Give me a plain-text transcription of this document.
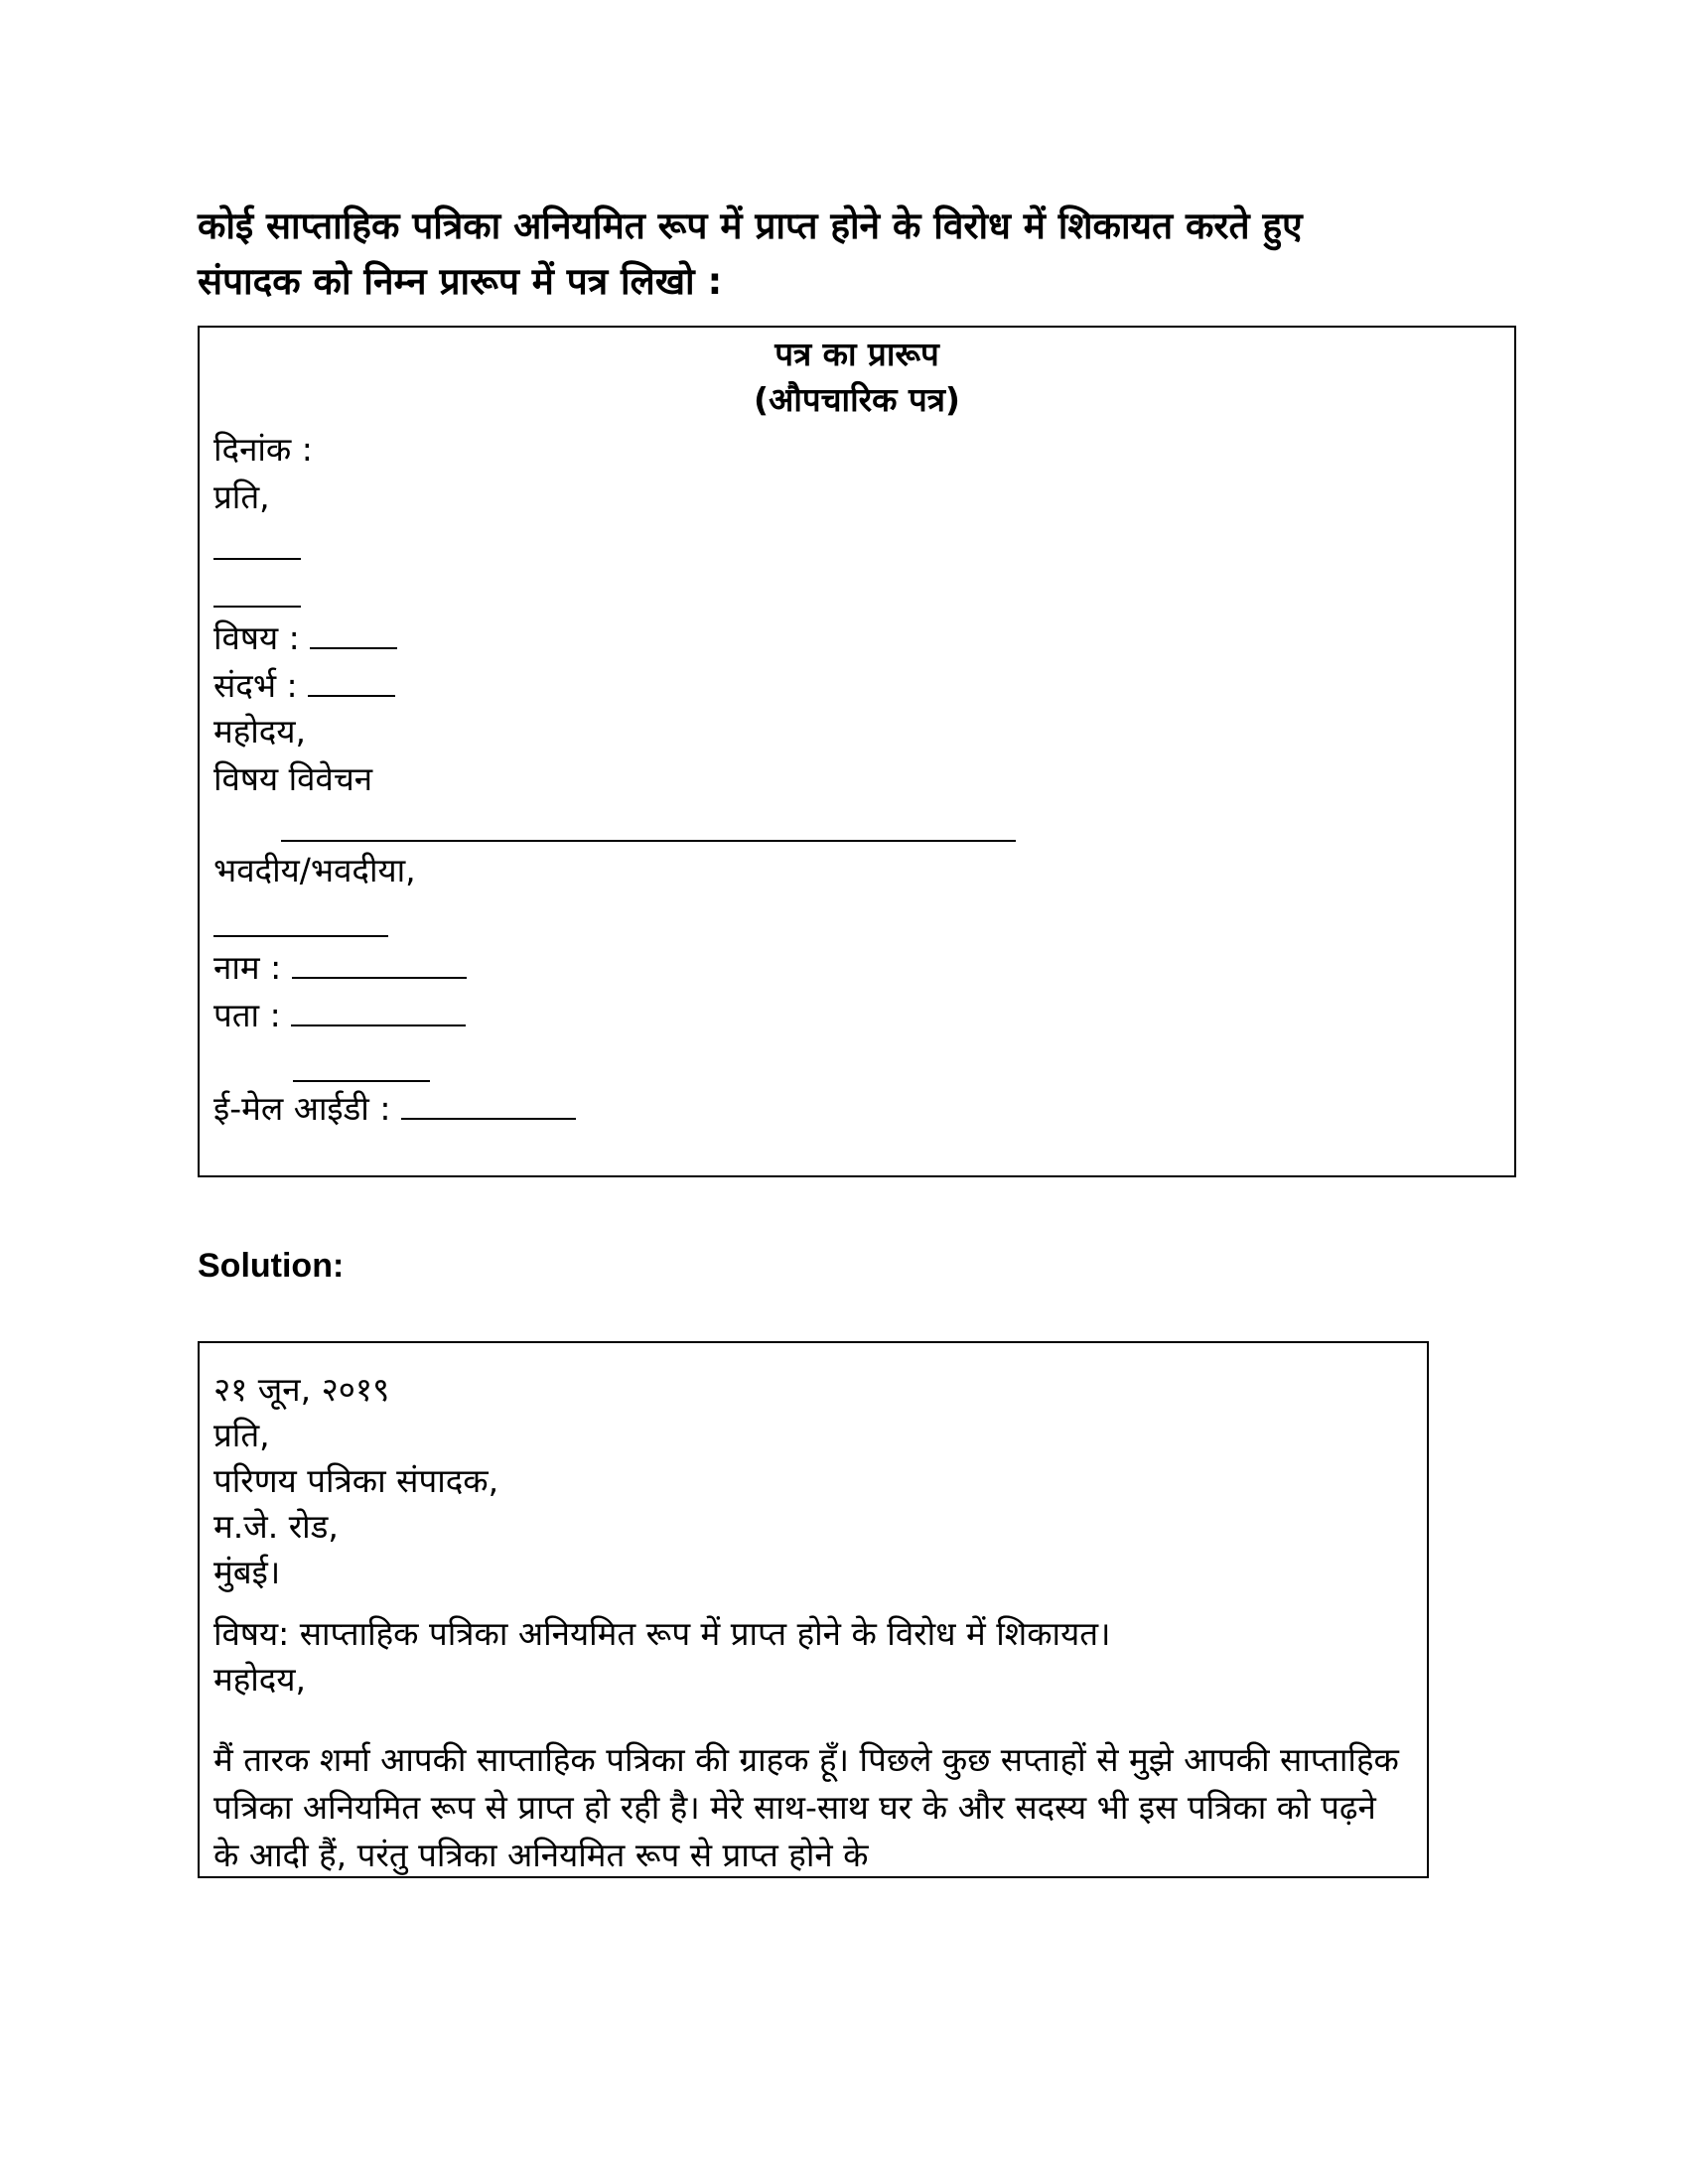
कोई साप्ताहिक पत्रिका अनियमित रूप में प्राप्त होने के विरोध में शिकायत करते हुए
संपादक को निम्न प्रारूप में पत्र लिखो :
पत्र का प्रारूप
(औपचारिक पत्र)
दिनांक :
प्रति,
विषय :
संदर्भ :
महोदय,
विषय विवेचन
भवदीय/भवदीया,
नाम :
पता :
ई-मेल आईडी :
Solution:
२१ जून, २०१९
प्रति,
परिणय पत्रिका संपादक,
म.जे. रोड,
मुंबई।
विषय: साप्ताहिक पत्रिका अनियमित रूप में प्राप्त होने के विरोध में शिकायत।
महोदय,
मैं तारक शर्मा आपकी साप्ताहिक पत्रिका की ग्राहक हूँ। पिछले कुछ सप्ताहों से मुझे आपकी साप्ताहिक पत्रिका अनियमित रूप से प्राप्त हो रही है। मेरे साथ-साथ घर के और सदस्य भी इस पत्रिका को पढ़ने के आदी हैं, परंतु पत्रिका अनियमित रूप से प्राप्त होने के
